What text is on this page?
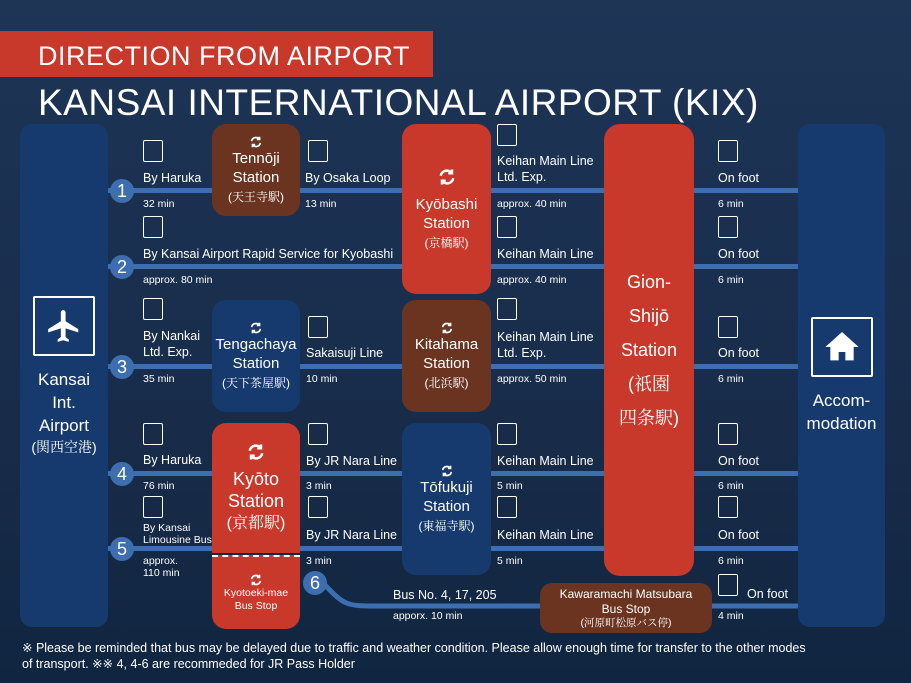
DIRECTION FROM AIRPORT
KANSAI INTERNATIONAL AIRPORT (KIX)
Kansai
Int.
Airport
(関西空港)
Accom-
modation
Tennōji
Station
(天王寺駅)	Kyōbashi
Station
(京橋駅)
Tengachaya
Station
(天下茶屋駅)
Kitahama
Station
(北浜駅)
Kyōto
Station
(京都駅)
Kyotoeki-mae
Bus Stop
Tōfukuji
Station
(東福寺駅)
Gion-
Shijō
Station
(祇園
四条駅)
Kawaramachi Matsubara
Bus Stop
(河原町松原バス停)
1
2
3
4
5
6
By Haruka
32 min
By Osaka Loop
13 min
Keihan Main Line
Ltd. Exp.
approx. 40 min
On foot
6 min
By Kansai Airport Rapid Service for Kyobashi
approx. 80 min
Keihan Main Line
approx. 40 min
On foot
6 min
By Nankai
Ltd. Exp.
35 min
Sakaisuji Line
10 min
Keihan Main Line
Ltd. Exp.
approx. 50 min
On foot
6 min
By Haruka
76 min
By JR Nara Line
3 min
Keihan Main Line
5 min
On foot
6 min
By Kansai
Limousine Bus
approx.
110 min
By JR Nara Line
3 min
Keihan Main Line
5 min
On foot
6 min
Bus No. 4, 17, 205
apporx. 10 min
On foot
4 min
※ Please be reminded that bus may be delayed due to traffic and weather condition. Please allow enough time for transfer to the other modes
of transport. ※※ 4, 4-6 are recommeded for JR Pass Holder
